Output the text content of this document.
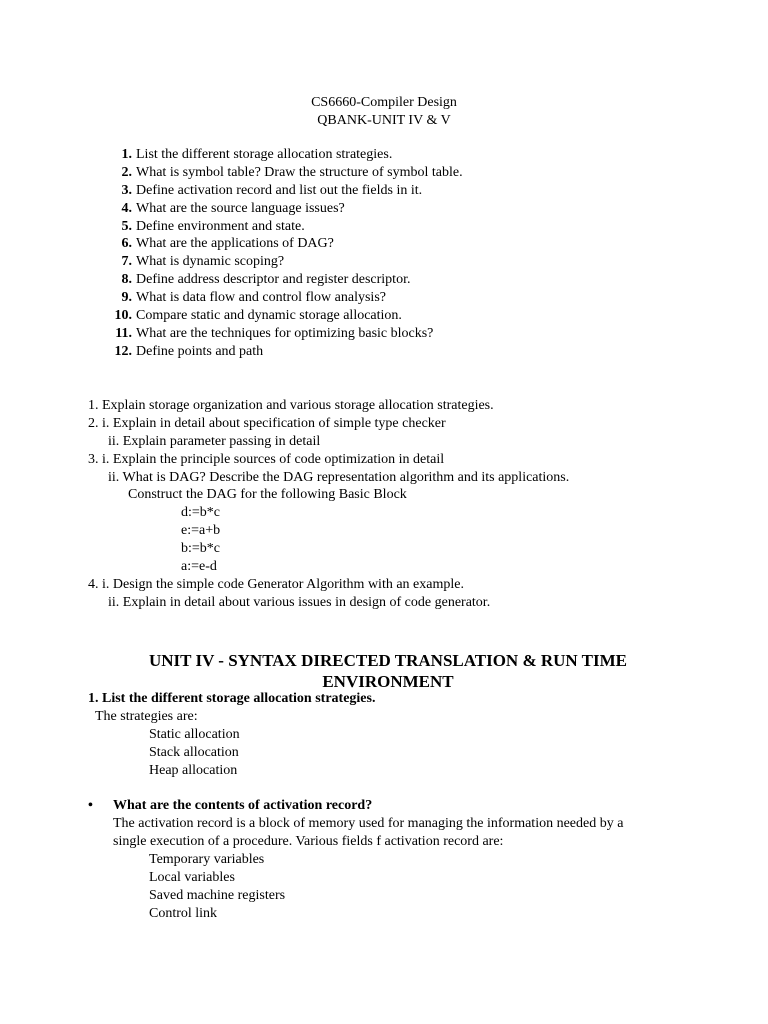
CS6660-Compiler Design
QBANK-UNIT IV & V
1. List the different storage allocation strategies.
2. What is symbol table? Draw the structure of symbol table.
3. Define activation record and list out the fields in it.
4. What are the source language issues?
5. Define environment and state.
6. What are the applications of DAG?
7. What is dynamic scoping?
8. Define address descriptor and register descriptor.
9. What is data flow and control flow analysis?
10. Compare static and dynamic storage allocation.
11. What are the techniques for optimizing basic blocks?
12. Define points and path
1. Explain storage organization and various storage allocation strategies.
2. i. Explain in detail about specification of simple type checker
ii. Explain parameter passing in detail
3. i. Explain the principle sources of code optimization in detail
ii. What is DAG? Describe the DAG representation algorithm and its applications.
Construct the DAG for the following Basic Block
d:=b*c
e:=a+b
b:=b*c
a:=e-d
4. i. Design the simple code Generator Algorithm with an example.
ii. Explain in detail about various issues in design of code generator.
UNIT IV - SYNTAX DIRECTED TRANSLATION & RUN TIME
ENVIRONMENT
1. List the different storage allocation strategies.
The strategies are:
Static allocation
Stack allocation
Heap allocation
• What are the contents of activation record?
The activation record is a block of memory used for managing the information needed by a
single execution of a procedure. Various fields f activation record are:
Temporary variables
Local variables
Saved machine registers
Control link
